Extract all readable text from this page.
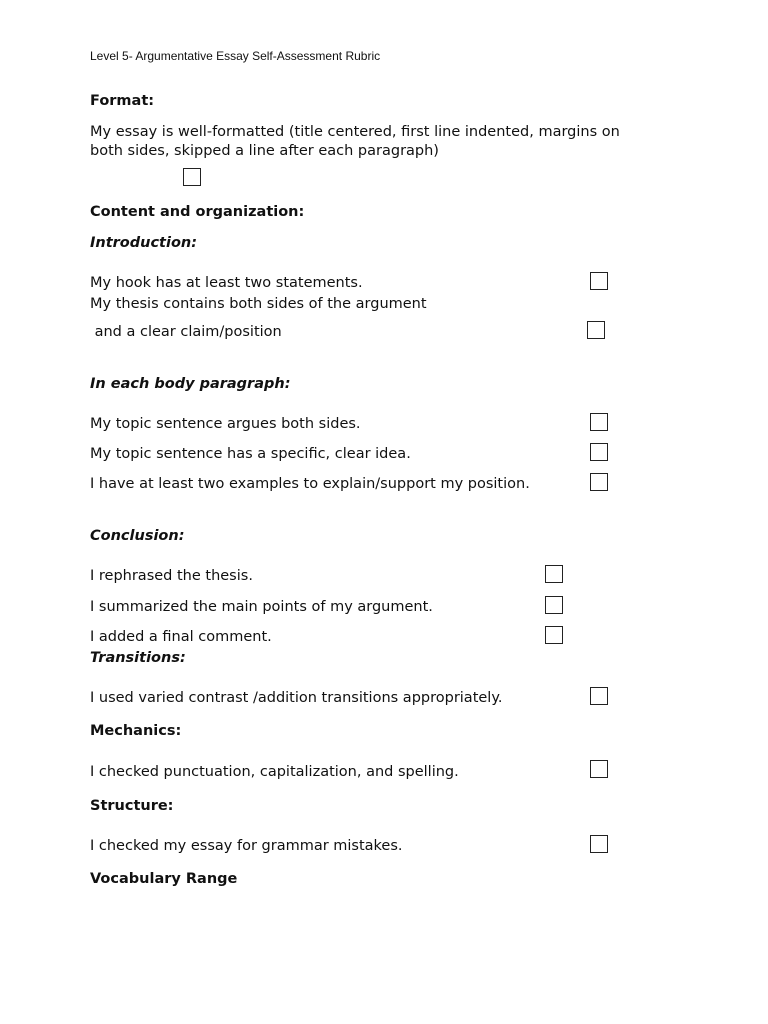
Level 5- Argumentative Essay Self-Assessment Rubric
Format:
My essay is well-formatted (title centered, first line indented, margins on
both sides, skipped a line after each paragraph)
Content and organization:
Introduction:
My hook has at least two statements.
My thesis contains both sides of the argument
and a clear claim/position
In each body paragraph:
My topic sentence argues both sides.
My topic sentence has a specific, clear idea.
I have at least two examples to explain/support my position.
Conclusion:
I rephrased the thesis.
I summarized the main points of my argument.
I added a final comment.
Transitions:
I used varied contrast /addition transitions appropriately.
Mechanics:
I checked punctuation, capitalization, and spelling.
Structure:
I checked my essay for grammar mistakes.
Vocabulary Range
